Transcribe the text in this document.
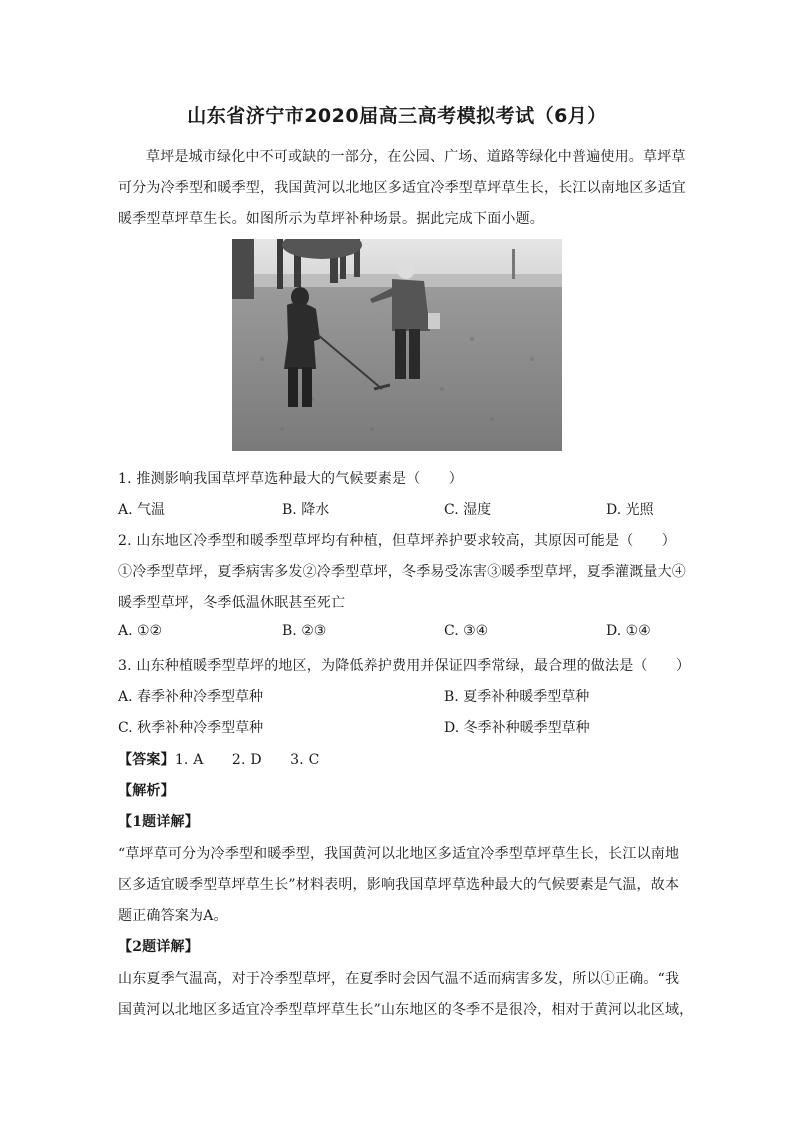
山东省济宁市2020届高三高考模拟考试（6月）
草坪是城市绿化中不可或缺的一部分，在公园、广场、道路等绿化中普遍使用。草坪草
可分为冷季型和暖季型，我国黄河以北地区多适宜冷季型草坪草生长，长江以南地区多适宜
暖季型草坪草生长。如图所示为草坪补种场景。据此完成下面小题。
1. 推测影响我国草坪草选种最大的气候要素是（　　）
A. 气温	B. 降水	C. 湿度	D. 光照
2. 山东地区冷季型和暖季型草坪均有种植，但草坪养护要求较高，其原因可能是（　　）
①冷季型草坪，夏季病害多发②冷季型草坪，冬季易受冻害③暖季型草坪，夏季灌溉量大④
暖季型草坪，冬季低温休眠甚至死亡
A. ①②	B. ②③	C. ③④	D. ①④
3. 山东种植暖季型草坪的地区，为降低养护费用并保证四季常绿，最合理的做法是（　　）
A. 春季补种冷季型草种	B. 夏季补种暖季型草种
C. 秋季补种冷季型草种	D. 冬季补种暖季型草种
【答案】1. A　　2. D　　3. C
【解析】
【1题详解】
“草坪草可分为冷季型和暖季型，我国黄河以北地区多适宜冷季型草坪草生长，长江以南地
区多适宜暖季型草坪草生长”材料表明，影响我国草坪草选种最大的气候要素是气温，故本
题正确答案为A。
【2题详解】
山东夏季气温高，对于冷季型草坪，在夏季时会因气温不适而病害多发，所以①正确。“我
国黄河以北地区多适宜冷季型草坪草生长”山东地区的冬季不是很冷，相对于黄河以北区域，
